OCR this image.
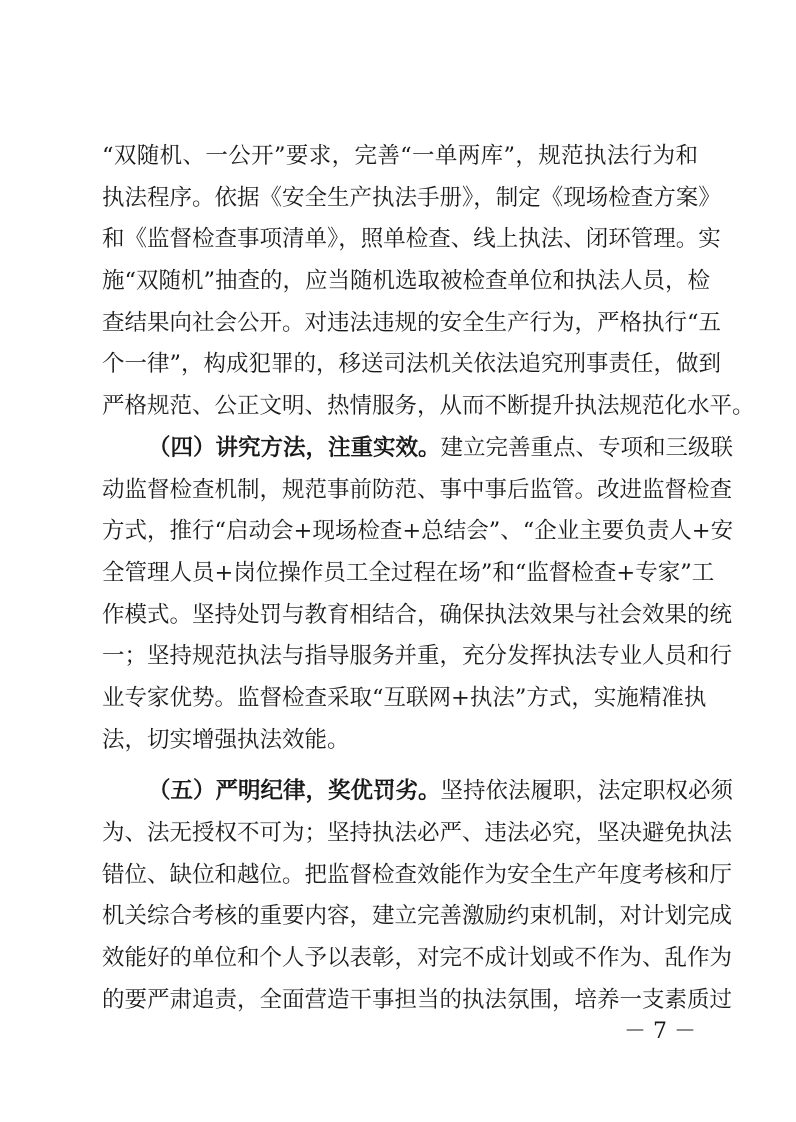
“双随机、一公开”要求，完善“一单两库”，规范执法行为和
执法程序。依据《安全生产执法手册》，制定《现场检查方案》
和《监督检查事项清单》，照单检查、线上执法、闭环管理。实
施“双随机”抽查的，应当随机选取被检查单位和执法人员，检
查结果向社会公开。对违法违规的安全生产行为，严格执行“五
个一律”，构成犯罪的，移送司法机关依法追究刑事责任，做到
严格规范、公正文明、热情服务，从而不断提升执法规范化水平。
（四）讲究方法，注重实效。建立完善重点、专项和三级联
动监督检查机制，规范事前防范、事中事后监管。改进监督检查
方式，推行“启动会+现场检查+总结会”、“企业主要负责人+安
全管理人员+岗位操作员工全过程在场”和“监督检查+专家”工
作模式。坚持处罚与教育相结合，确保执法效果与社会效果的统
一；坚持规范执法与指导服务并重，充分发挥执法专业人员和行
业专家优势。监督检查采取“互联网+执法”方式，实施精准执
法，切实增强执法效能。
（五）严明纪律，奖优罚劣。坚持依法履职，法定职权必须
为、法无授权不可为；坚持执法必严、违法必究，坚决避免执法
错位、缺位和越位。把监督检查效能作为安全生产年度考核和厅
机关综合考核的重要内容，建立完善激励约束机制，对计划完成
效能好的单位和个人予以表彰，对完不成计划或不作为、乱作为
的要严肃追责，全面营造干事担当的执法氛围，培养一支素质过
－ 7 －
